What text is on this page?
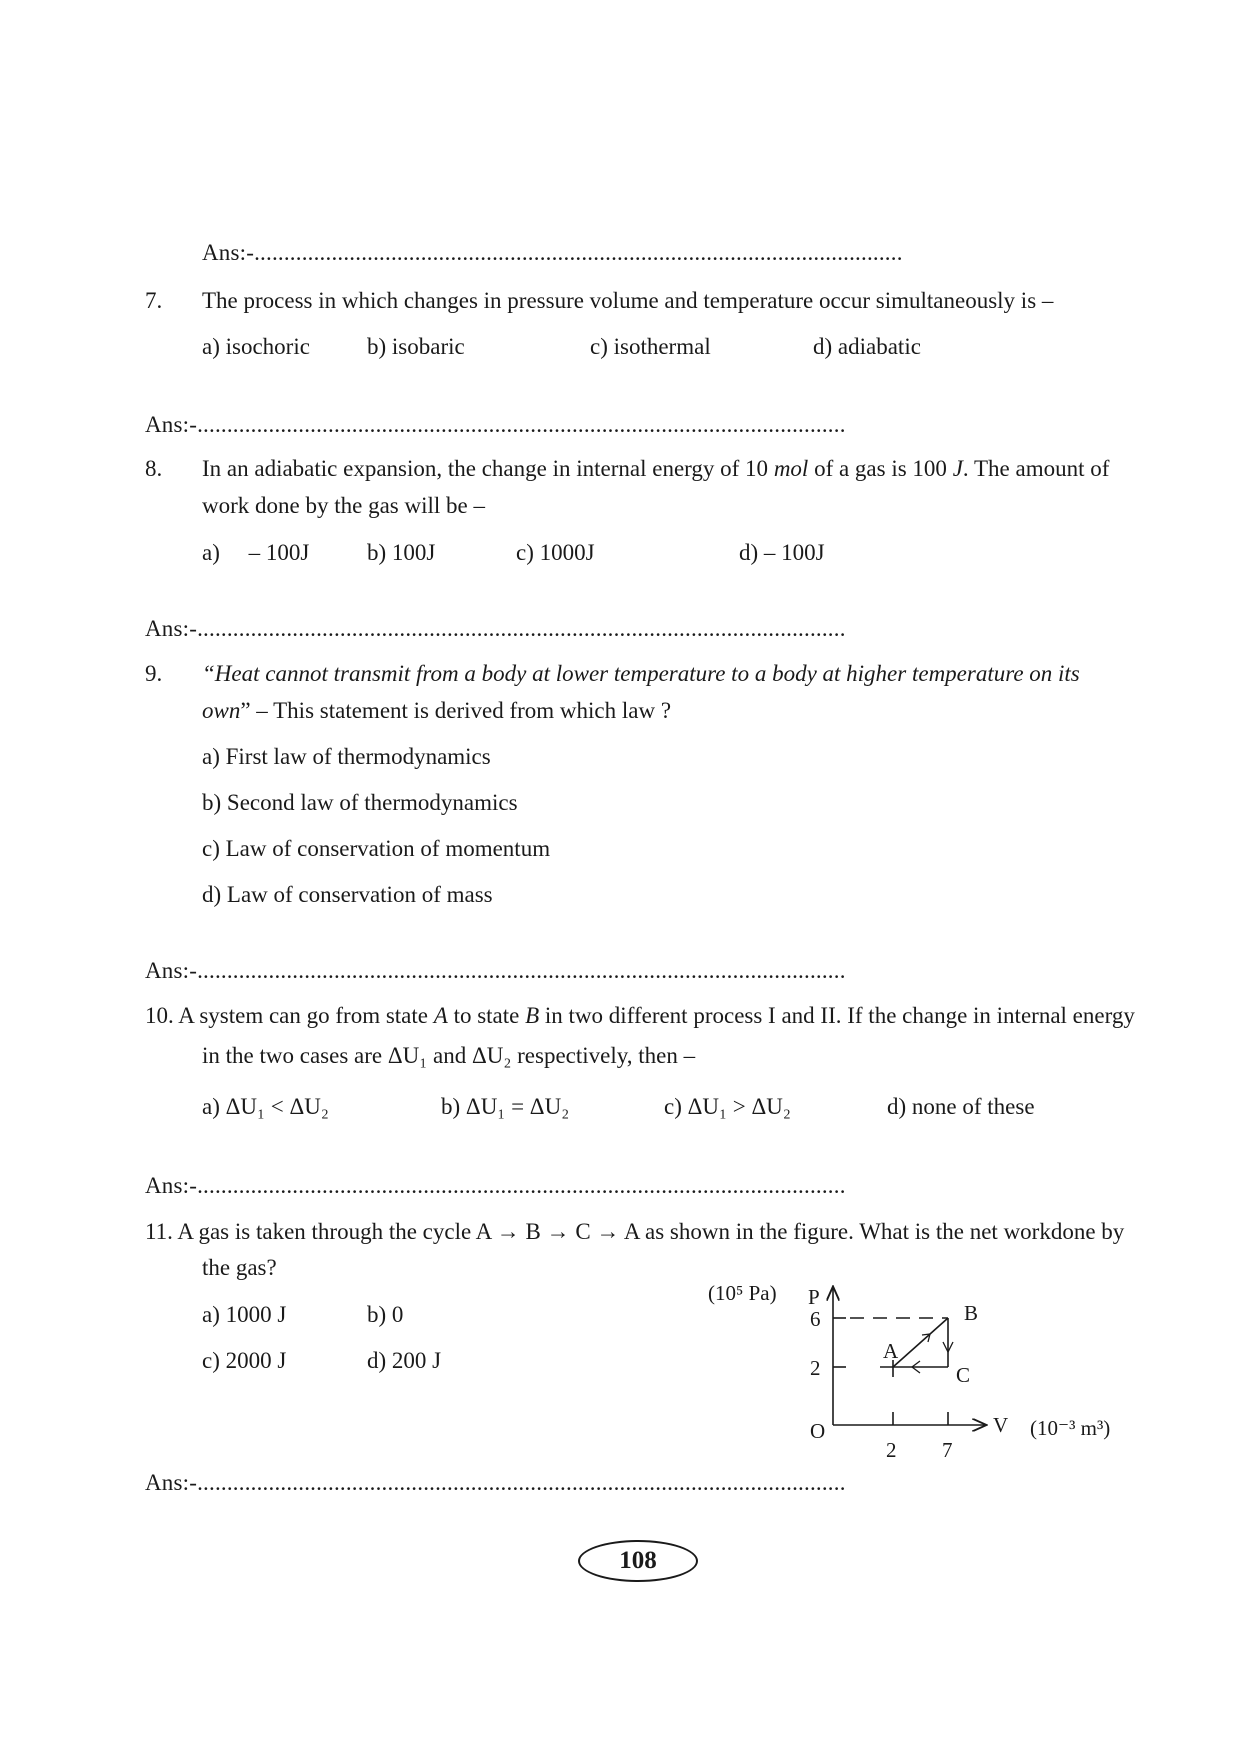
Ans:-.............................................................................................................
7. The process in which changes in pressure volume and temperature occur simultaneously is –
a) isochoric b) isobaric	c) isothermal	d) adiabatic
Ans:-.............................................................................................................
8. In an adiabatic expansion, the change in internal energy of 10 mol of a gas is 100 J. The amount of
work done by the gas will be –
a)     – 100J	b) 100J	c) 1000J	d) – 100J
Ans:-.............................................................................................................
9. “Heat cannot transmit from a body at lower temperature to a body at higher temperature on its
own” – This statement is derived from which law ?
a) First law of thermodynamics
b) Second law of thermodynamics
c) Law of conservation of momentum
d) Law of conservation of mass
Ans:-.............................................................................................................
10. A system can go from state A to state B in two different process I and II. If the change in internal energy
in the two cases are ΔU₁ and ΔU₂ respectively, then –
a) ΔU₁ < ΔU₂	b) ΔU₁ = ΔU₂	c) ΔU₁ > ΔU₂	d) none of these
Ans:-.............................................................................................................
11. A gas is taken through the cycle A → B → C → A as shown in the figure. What is the net workdone by
the gas?
a) 1000 J	b) 0
c) 2000 J	d) 200 J
(10⁵ Pa) P
6
2
O
2 7
V (10⁻³ m³)
A
B
C
Ans:-.............................................................................................................
108
